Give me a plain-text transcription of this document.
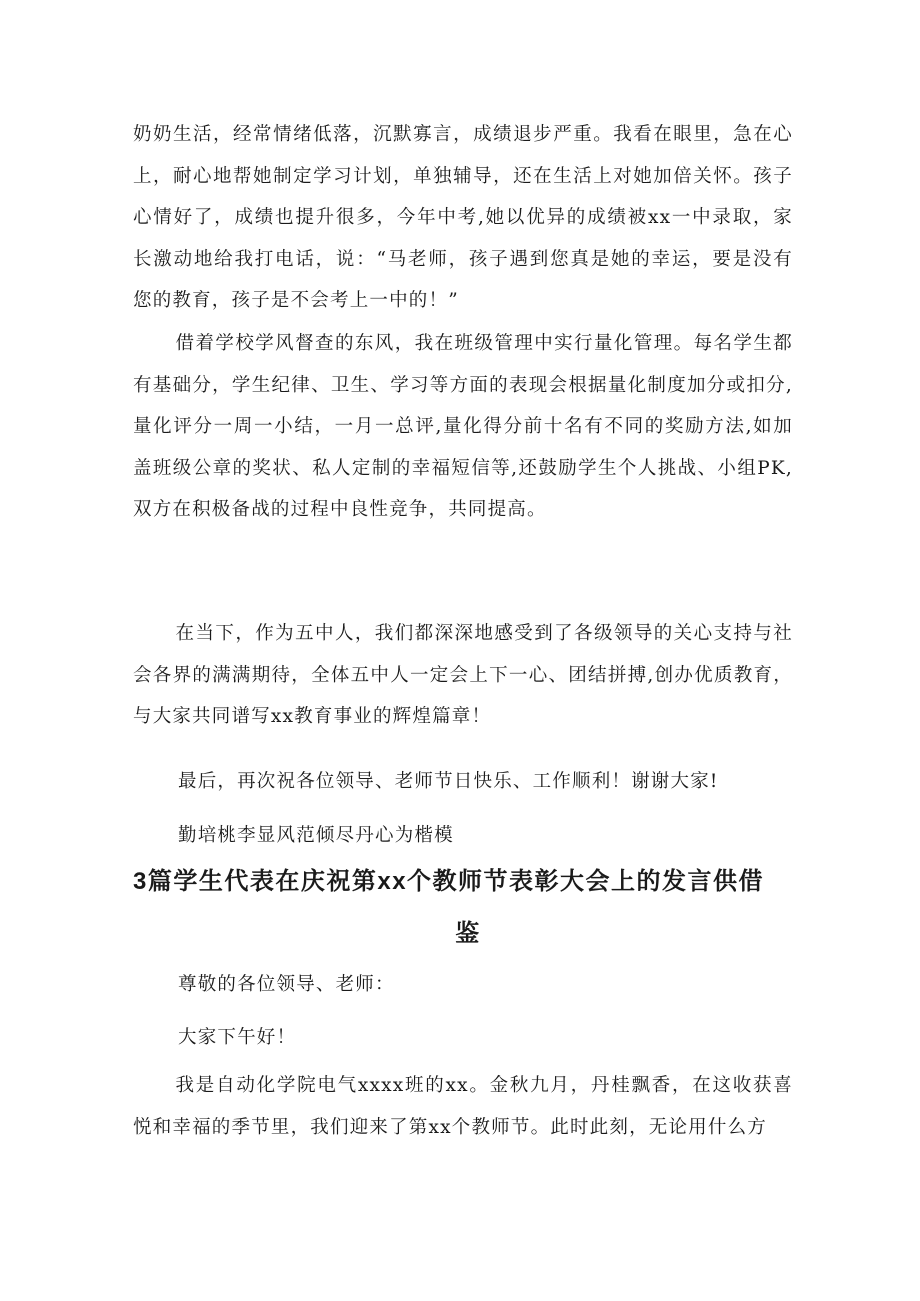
奶奶生活，经常情绪低落，沉默寡言，成绩退步严重。我看在眼里，急在心上，耐心地帮她制定学习计划，单独辅导，还在生活上对她加倍关怀。孩子心情好了，成绩也提升很多，今年中考,她以优异的成绩被xx一中录取，家长激动地给我打电话，说：“马老师，孩子遇到您真是她的幸运，要是没有您的教育，孩子是不会考上一中的！”

借着学校学风督查的东风，我在班级管理中实行量化管理。每名学生都有基础分，学生纪律、卫生、学习等方面的表现会根据量化制度加分或扣分,量化评分一周一小结，一月一总评,量化得分前十名有不同的奖励方法,如加盖班级公章的奖状、私人定制的幸福短信等,还鼓励学生个人挑战、小组PK,双方在积极备战的过程中良性竞争，共同提高。

在当下，作为五中人，我们都深深地感受到了各级领导的关心支持与社会各界的满满期待，全体五中人一定会上下一心、团结拼搏,创办优质教育，与大家共同谱写xx教育事业的辉煌篇章！

最后，再次祝各位领导、老师节日快乐、工作顺利！谢谢大家!

勤培桃李显风范倾尽丹心为楷模

3篇学生代表在庆祝第xx个教师节表彰大会上的发言供借
鉴

尊敬的各位领导、老师：

大家下午好！

我是自动化学院电气xxxx班的xx。金秋九月，丹桂飘香，在这收获喜悦和幸福的季节里，我们迎来了第xx个教师节。此时此刻，无论用什么方
